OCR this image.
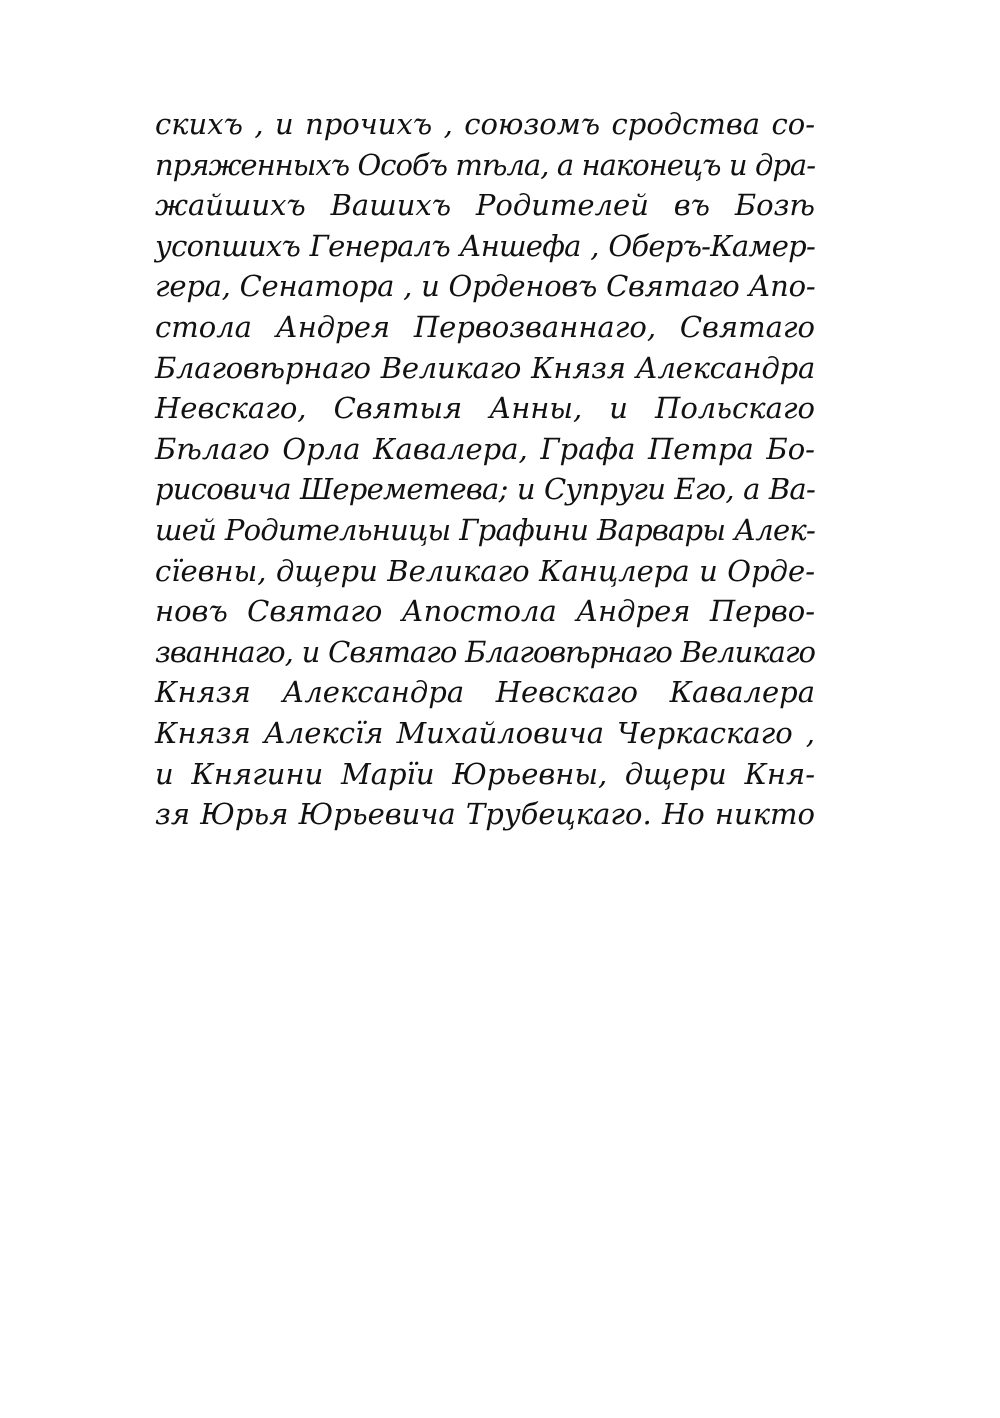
скихъ , и прочихъ , союзомъ сродства со-
пряженныхъ Особъ тѣла, а наконецъ и дра-
жайшихъ Вашихъ Родителей въ Бозѣ
усопшихъ Генералъ Аншефа , Оберъ-Камер-
гера, Сенатора , и Орденовъ Святаго Апо-
стола Андрея Первозваннаго, Святаго
Благовѣрнаго Великаго Князя Александра
Невскаго, Святыя Анны, и Польскаго
Бѣлаго Орла Кавалера, Графа Петра Бо-
рисовича Шереметева; и Супруги Его, а Ва-
шей Родительницы Графини Варвары Алек-
сїевны, дщери Великаго Канцлера и Орде-
новъ Святаго Апостола Андрея Перво-
званнаго, и Святаго Благовѣрнаго Великаго
Князя Александра Невскаго Кавалера
Князя Алексїя Михайловича Черкаскаго ,
и Княгини Марїи Юрьевны, дщери Кня-
зя Юрья Юрьевича Трубецкаго. Но никто
